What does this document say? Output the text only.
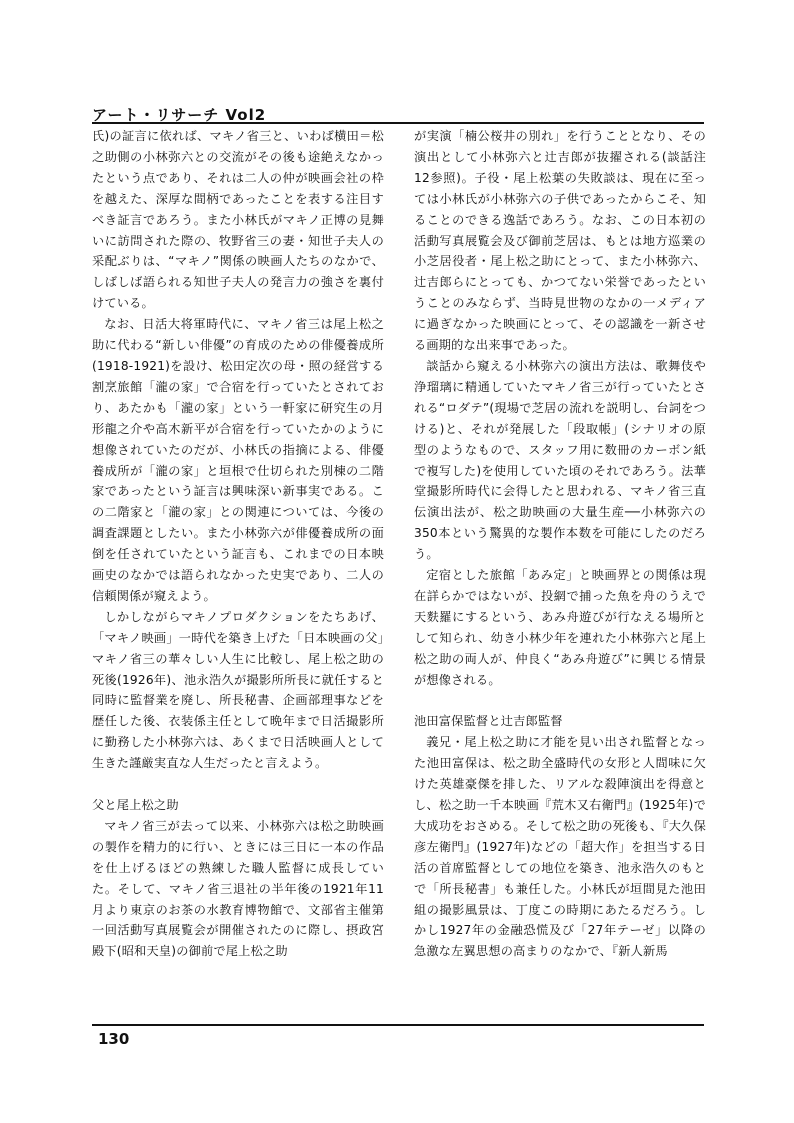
アート・リサーチ Vol2

氏)の証言に依れば、マキノ省三と、いわば横田＝松之助側の小林弥六との交流がその後も途絶えなかったという点であり、それは二人の仲が映画会社の枠を越えた、深厚な間柄であったことを表する注目すべき証言であろう。また小林氏がマキノ正博の見舞いに訪問された際の、牧野省三の妻・知世子夫人の采配ぶりは、“マキノ”関係の映画人たちのなかで、しばしば語られる知世子夫人の発言力の強さを裏付けている。

なお、日活大将軍時代に、マキノ省三は尾上松之助に代わる“新しい俳優”の育成のための俳優養成所(1918-1921)を設け、松田定次の母・照の経営する割烹旅館「瀧の家」で合宿を行っていたとされており、あたかも「瀧の家」という一軒家に研究生の月形龍之介や高木新平が合宿を行っていたかのように想像されていたのだが、小林氏の指摘による、俳優養成所が「瀧の家」と垣根で仕切られた別棟の二階家であったという証言は興味深い新事実である。この二階家と「瀧の家」との関連については、今後の調査課題としたい。また小林弥六が俳優養成所の面倒を任されていたという証言も、これまでの日本映画史のなかでは語られなかった史実であり、二人の信頼関係が窺えよう。

しかしながらマキノプロダクションをたちあげ、「マキノ映画」一時代を築き上げた「日本映画の父」マキノ省三の華々しい人生に比較し、尾上松之助の死後(1926年)、池永浩久が撮影所所長に就任すると同時に監督業を廃し、所長秘書、企画部理事などを歴任した後、衣装係主任として晩年まで日活撮影所に勤務した小林弥六は、あくまで日活映画人として生きた謹厳実直な人生だったと言えよう。

父と尾上松之助

マキノ省三が去って以来、小林弥六は松之助映画の製作を精力的に行い、ときには三日に一本の作品を仕上げるほどの熟練した職人監督に成長していた。そして、マキノ省三退社の半年後の1921年11月より東京のお茶の水教育博物館で、文部省主催第一回活動写真展覧会が開催されたのに際し、摂政宮殿下(昭和天皇)の御前で尾上松之助

が実演「楠公桜井の別れ」を行うこととなり、その演出として小林弥六と辻吉郎が抜擢される(談話注12参照)。子役・尾上松葉の失敗談は、現在に至っては小林氏が小林弥六の子供であったからこそ、知ることのできる逸話であろう。なお、この日本初の活動写真展覧会及び御前芝居は、もとは地方巡業の小芝居役者・尾上松之助にとって、また小林弥六、辻吉郎らにとっても、かつてない栄誉であったということのみならず、当時見世物のなかの一メディアに過ぎなかった映画にとって、その認識を一新させる画期的な出来事であった。

談話から窺える小林弥六の演出方法は、歌舞伎や浄瑠璃に精通していたマキノ省三が行っていたとされる“ロダテ”(現場で芝居の流れを説明し、台詞をつける)と、それが発展した「段取帳」(シナリオの原型のようなもので、スタッフ用に数冊のカーボン紙で複写した)を使用していた頃のそれであろう。法華堂撮影所時代に会得したと思われる、マキノ省三直伝演出法が、松之助映画の大量生産──小林弥六の350本という驚異的な製作本数を可能にしたのだろう。

定宿とした旅館「あみ定」と映画界との関係は現在詳らかではないが、投網で捕った魚を舟のうえで天麩羅にするという、あみ舟遊びが行なえる場所として知られ、幼き小林少年を連れた小林弥六と尾上松之助の両人が、仲良く“あみ舟遊び”に興じる情景が想像される。

池田富保監督と辻吉郎監督

義兄・尾上松之助に才能を見い出され監督となった池田富保は、松之助全盛時代の女形と人間味に欠けた英雄豪傑を排した、リアルな殺陣演出を得意とし、松之助一千本映画『荒木又右衛門』(1925年)で大成功をおさめる。そして松之助の死後も、『大久保彦左衛門』(1927年)などの「超大作」を担当する日活の首席監督としての地位を築き、池永浩久のもとで「所長秘書」も兼任した。小林氏が垣間見た池田組の撮影風景は、丁度この時期にあたるだろう。しかし1927年の金融恐慌及び「27年テーゼ」以降の急激な左翼思想の高まりのなかで、『新人新馬

130
